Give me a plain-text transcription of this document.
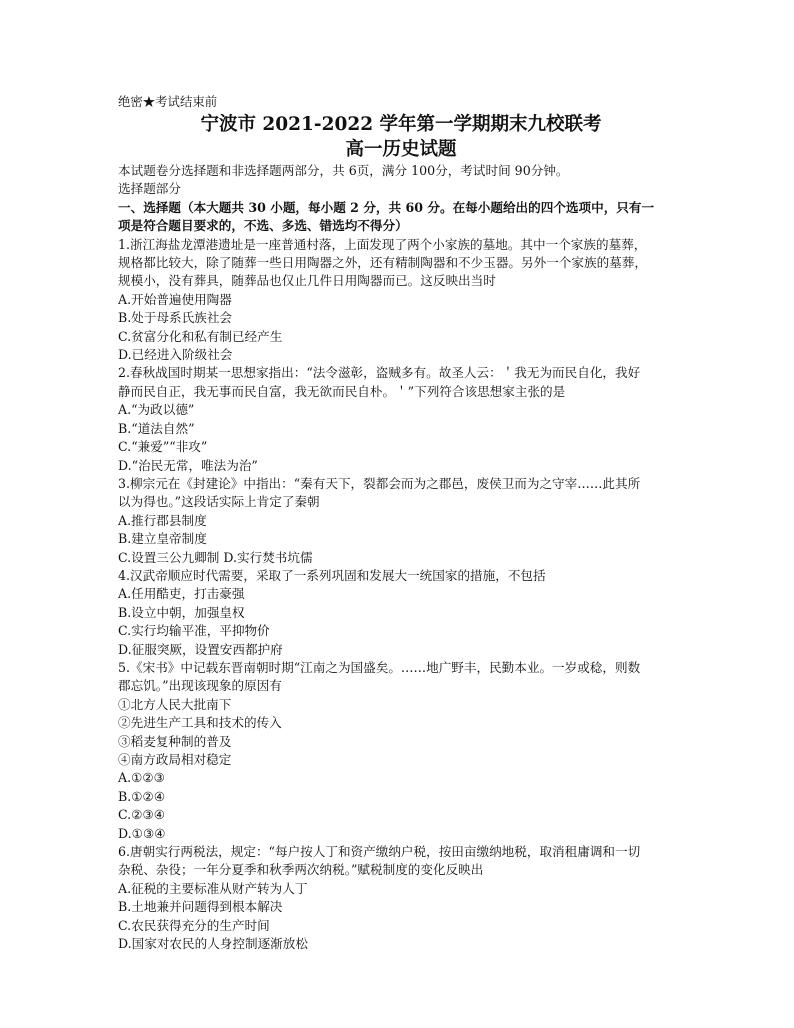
绝密★考试结束前
宁波市 2021-2022 学年第一学期期末九校联考
高一历史试题
本试题卷分选择题和非选择题两部分，共 6页，满分 100分，考试时间 90分钟。
选择题部分
一、选择题（本大题共 30 小题，每小题 2 分，共 60 分。在每小题给出的四个选项中，只有一
项是符合题目要求的，不选、多选、错选均不得分）
1.浙江海盐龙潭港遗址是一座普通村落，上面发现了两个小家族的墓地。其中一个家族的墓葬，
规格都比较大，除了随葬一些日用陶器之外，还有精制陶器和不少玉器。另外一个家族的墓葬，
规模小，没有葬具，随葬品也仅止几件日用陶器而已。这反映出当时
A.开始普遍使用陶器
B.处于母系氏族社会
C.贫富分化和私有制已经产生
D.已经进入阶级社会
2.春秋战国时期某一思想家指出：“法令滋彰，盗贼多有。故圣人云：＇我无为而民自化，我好
静而民自正，我无事而民自富，我无欲而民自朴。＇”下列符合该思想家主张的是
A.“为政以德”
B.“道法自然”
C.“兼爱”“非攻”
D.“治民无常，唯法为治”
3.柳宗元在《封建论》中指出：“秦有天下，裂都会而为之郡邑，废侯卫而为之守宰……此其所
以为得也。”这段话实际上肯定了秦朝
A.推行郡县制度
B.建立皇帝制度
C.设置三公九卿制 D.实行焚书坑儒
4.汉武帝顺应时代需要，采取了一系列巩固和发展大一统国家的措施，不包括
A.任用酷吏，打击豪强
B.设立中朝，加强皇权
C.实行均输平准，平抑物价
D.征服突厥，设置安西都护府
5.《宋书》中记载东晋南朝时期“江南之为国盛矣。……地广野丰，民勤本业。一岁或稔，则数
郡忘饥。”出现该现象的原因有
①北方人民大批南下
②先进生产工具和技术的传入
③稻麦复种制的普及
④南方政局相对稳定
A.①②③
B.①②④
C.②③④
D.①③④
6.唐朝实行两税法，规定：“每户按人丁和资产缴纳户税，按田亩缴纳地税，取消租庸调和一切
杂税、杂役；一年分夏季和秋季两次纳税。”赋税制度的变化反映出
A.征税的主要标准从财产转为人丁
B.土地兼并问题得到根本解决
C.农民获得充分的生产时间
D.国家对农民的人身控制逐渐放松
